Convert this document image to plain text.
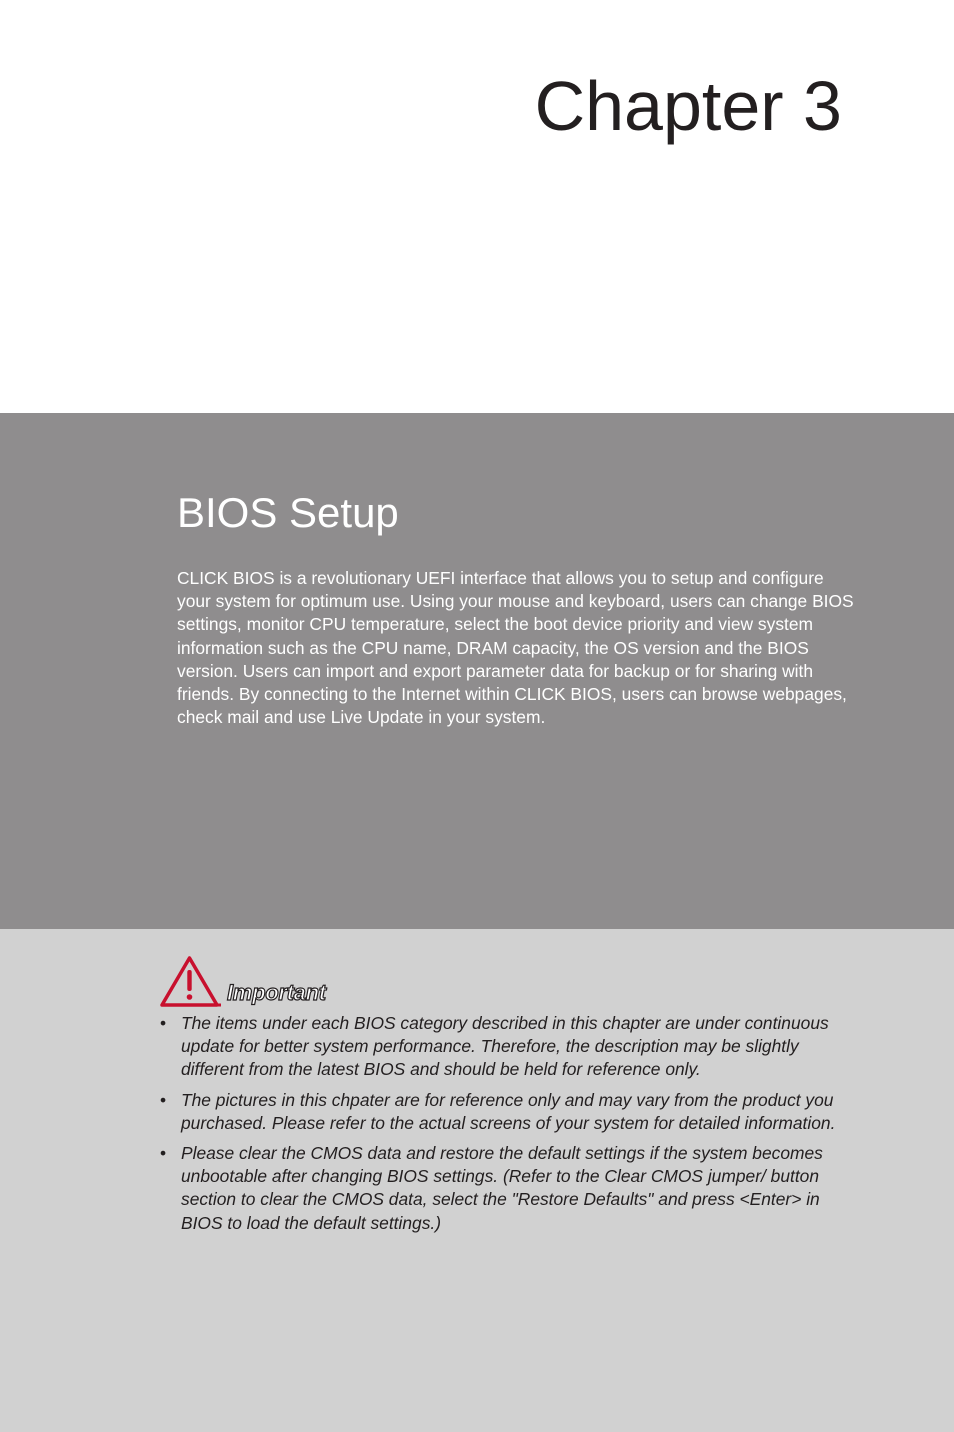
Chapter 3
BIOS Setup

CLICK BIOS is a revolutionary UEFI interface that allows you to setup and configure your system for optimum use. Using your mouse and keyboard, users can change BIOS settings, monitor CPU temperature, select the boot device priority and view system information such as the CPU name, DRAM capacity, the OS version and the BIOS version. Users can import and export parameter data for backup or for sharing with friends. By connecting to the Internet within CLICK BIOS, users can browse webpages, check mail and use Live Update in your system.

Important
• The items under each BIOS category described in this chapter are under continuous update for better system performance. Therefore, the description may be slightly different from the latest BIOS and should be held for reference only.
• The pictures in this chpater are for reference only and may vary from the product you purchased. Please refer to the actual screens of your system for detailed information.
• Please clear the CMOS data and restore the default settings if the system becomes unbootable after changing BIOS settings. (Refer to the Clear CMOS jumper/ button section to clear the CMOS data, select the "Restore Defaults" and press <Enter> in BIOS to load the default settings.)
